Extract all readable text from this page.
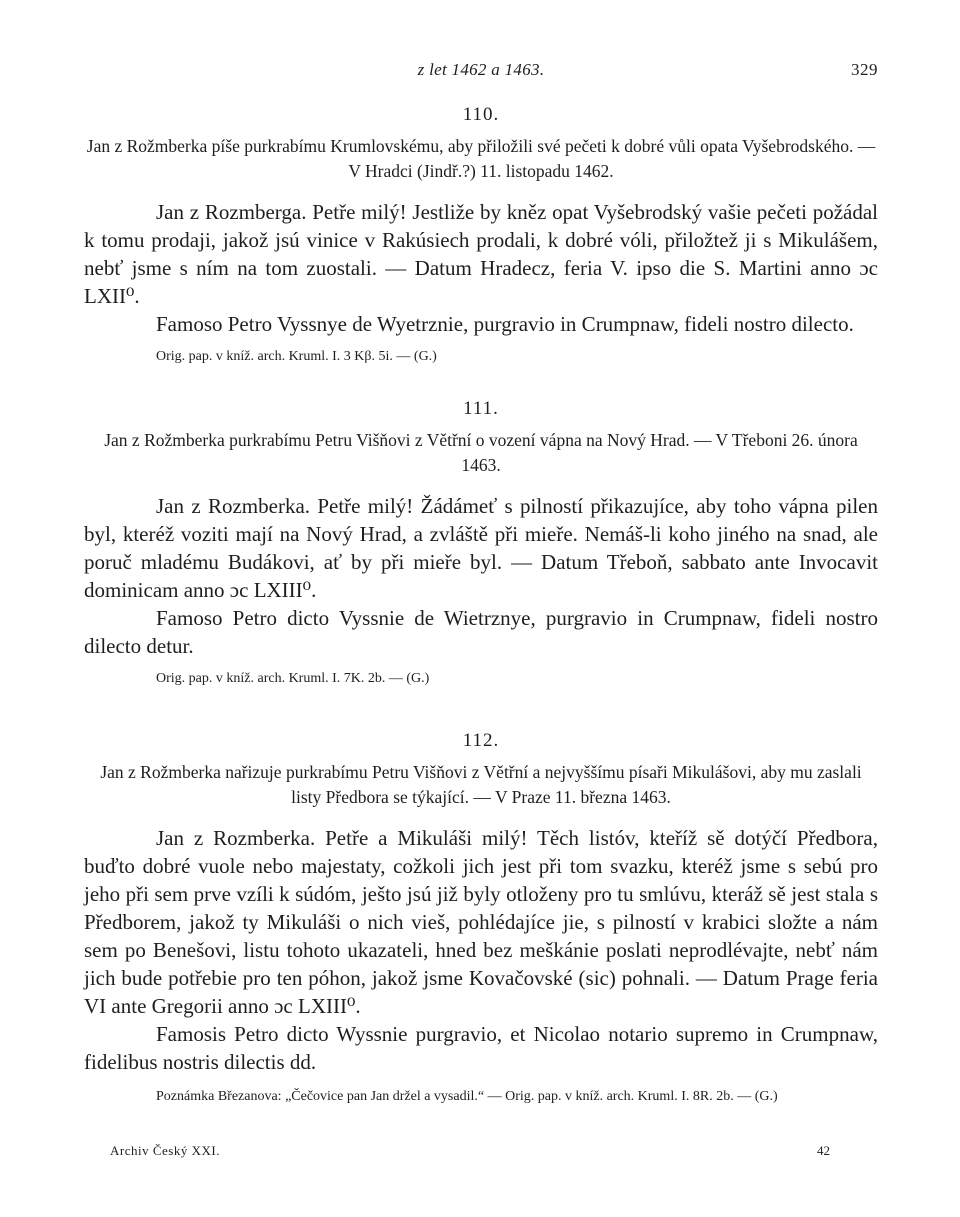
z let 1462 a 1463.	329
110.

Jan z Rožmberka píše purkrabímu Krumlovskému, aby přiložili své pečeti k dobré vůli opata Vyšebrodského. — V Hradci (Jindř.?) 11. listopadu 1462.

Jan z Rozmberga. Petře milý! Jestliže by kněz opat Vyšebrodský vašie pečeti požádal k tomu prodaji, jakož jsú vinice v Rakúsiech prodali, k dobré vóli, přiložtež ji s Mikulášem, nebť jsme s ním na tom zuostali. — Datum Hradecz, feria V. ipso die S. Martini anno ɔc LXII⁰.

Famoso Petro Vyssnye de Wyetrznie, purgravio in Crumpnaw, fideli nostro dilecto.

Orig. pap. v kníž. arch. Kruml. I. 3 Kβ. 5i. — (G.)
111.

Jan z Rožmberka purkrabímu Petru Višňovi z Větřní o vození vápna na Nový Hrad. — V Třeboni 26. února 1463.

Jan z Rozmberka. Petře milý! Žádámeť s pilností přikazujíce, aby toho vápna pilen byl, kteréž voziti mají na Nový Hrad, a zvláště při mieře. Nemáš-li koho jiného na snad, ale poruč mladému Budákovi, ať by při mieře byl. — Datum Třeboň, sabbato ante Invocavit dominicam anno ɔc LXIII⁰.

Famoso Petro dicto Vyssnie de Wietrznye, purgravio in Crumpnaw, fideli nostro dilecto detur.

Orig. pap. v kníž. arch. Kruml. I. 7K. 2b. — (G.)
112.

Jan z Rožmberka nařizuje purkrabímu Petru Višňovi z Větřní a nejvyššímu písaři Mikulášovi, aby mu zaslali listy Předbora se týkající. — V Praze 11. března 1463.

Jan z Rozmberka. Petře a Mikuláši milý! Těch listóv, kteříž sě dotýčí Předbora, buďto dobré vuole nebo majestaty, cožkoli jich jest při tom svazku, kteréž jsme s sebú pro jeho při sem prve vzíli k súdóm, ješto jsú již byly otloženy pro tu smlúvu, kteráž sě jest stala s Předborem, jakož ty Mikuláši o nich vieš, pohlédajíce jie, s pilností v krabici složte a nám sem po Benešovi, listu tohoto ukazateli, hned bez meškánie poslati neprodlévajte, nebť nám jich bude potřebie pro ten póhon, jakož jsme Kovačovské (sic) pohnali. — Datum Prage feria VI ante Gregorii anno ɔc LXIII⁰.

Famosis Petro dicto Wyssnie purgravio, et Nicolao notario supremo in Crumpnaw, fidelibus nostris dilectis dd.

Poznámka Březanova: „Čečovice pan Jan držel a vysadil.“ — Orig. pap. v kníž. arch. Kruml. I. 8R. 2b. — (G.)
Archiv Český XXI.	42
